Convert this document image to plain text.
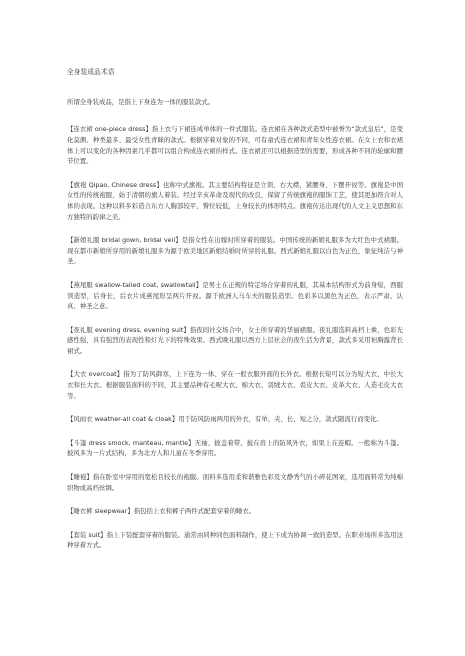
全身装成品术语
所谓全身装成品，是指上下身连为一体的服装款式。

【连衣裙 one-piece dress】指上衣与下裙连成单体的一件式服装。连衣裙在各种款式造型中被誉为“款式皇后”，是变化莫测、种类最多、最受女性青睐的款式。根据穿着对象的不同，可有童式连衣裙和青年女性连衣裙。在女上衣和衣裙体上可以变化的各种因素几乎都可以组合构成连衣裙的样式。连衣裙还可以根据造型的需要，形成各种不同的轮廓和腰节位置。

【旗袍 Qipao, Chinese dress】也称中式旗袍。其主要结构特征是立领、右大襟、紧腰身、下摆开衩等。旗袍是中国女性的传统袍服，始于清朝的旗人着装。经过辛亥革命及现代的改良，保留了传统旗袍的服饰工艺，使其更加符合对人体的表现。这种以料多彩造合东方人胸部较平、臀位较低，上身较长的体形特点。旗袍传达出现代的人文主义思想和东方独特的韵律之美。

【新娘礼服 bridal gown, bridal veil】是指女性在出嫁时所穿着的服装。中国传统的新娘礼服多为大红色中式裙服。现在都市新娘所穿用的新娘礼服多为源于欧美地区新娘结婚时所穿的礼服。西式新娘礼服以白色为正色，象征纯洁与神圣。

【燕尾服 swallow-tailed coat, swallowtail】是男士在正规的特定场合穿着的礼服，其基本结构形式为前身短，西服领造型，后身长，后衣片成燕尾形呈两片开衩。源于欧洲人马车夫的服装造型。色彩多以黑色为正色，表示严肃、认真、神圣之意。

【夜礼服 evening dress, evening suit】指夜间社交场合中，女士所穿着的华丽裙服。夜礼服选料高档上乘，色彩光感性强，具有强烈的表现性和灯光下的特殊效果。西式晚礼服以西方上层社会的夜生活为背景，款式多采用袒胸露背长裙式。

【大衣 overcoat】指为了防风御寒，上下连为一体、穿在一般衣服外面的长外衣。根据长短可以分为短大衣、中长大衣和长大衣。根据服装面料的不同，其主要品种有毛呢大衣、棉大衣、羽绒大衣、裘皮大衣、皮革大衣、人造毛皮大衣等。

【风雨衣 weather-all coat & cloak】用于防风防雨两用的外衣，有单、夹、长、短之分，款式随流行而变化。

【斗篷 dress smock, manteau, mantle】无袖、披盖着带、披在肩上的防风外衣，如果上在连帽。一般称为斗篷。披风多为一片式结构，多为北方人和儿童在冬季穿用。

【睡袍】指在卧室中穿用的宽松且较长的袍服。面料多选用柔和谐雅色彩及文静秀气的小碎花图案，选用面料常为纯棉织物或高档丝绸。

【睡衣裤 sleepwear】指包括上衣和裤子两件式配套穿着的睡衣。

【套装 suit】指上下装配套穿着的服装。通常由同种同色面料制作，使上下成为协调一致的造型。在职业场所多选用这种穿着方式。
